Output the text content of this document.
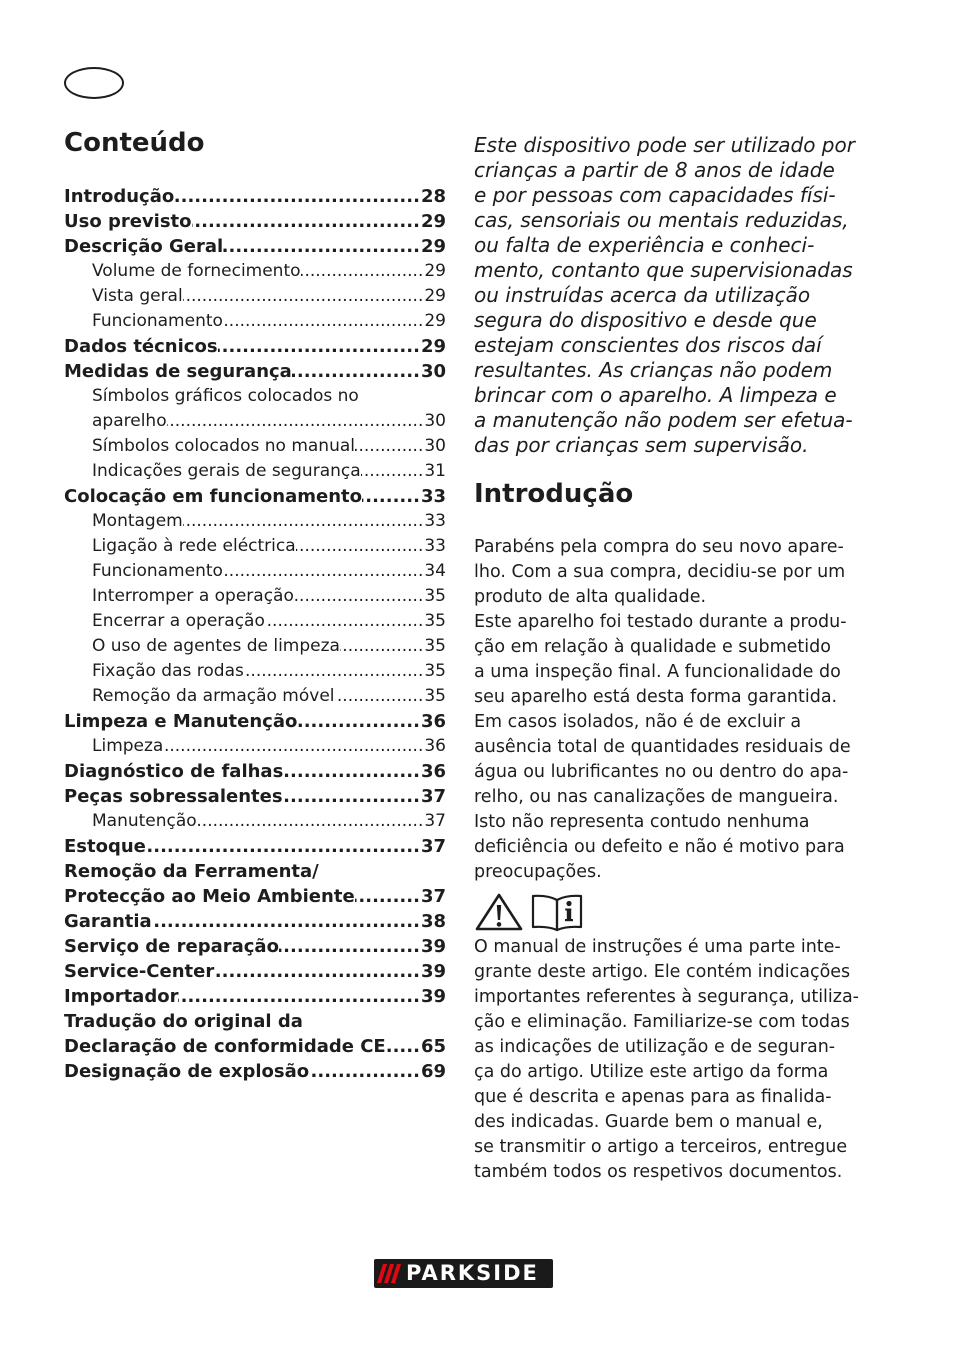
Conteúdo
Introdução .....	28
Uso previsto .....	29
Descrição Geral .....	29
Volume de fornecimento .....	29
Vista geral .....	29
Funcionamento .....	29
Dados técnicos .....	29
Medidas de segurança .....	30
Símbolos gráficos colocados no
aparelho .....	30
Símbolos colocados no manual .....	30
Indicações gerais de segurança .....	31
Colocação em funcionamento .....	33
Montagem .....	33
Ligação à rede eléctrica .....	33
Funcionamento .....	34
Interromper a operação .....	35
Encerrar a operação .....	35
O uso de agentes de limpeza .....	35
Fixação das rodas .....	35
Remoção da armação móvel .....	35
Limpeza e Manutenção .....	36
Limpeza .....	36
Diagnóstico de falhas .....	36
Peças sobressalentes .....	37
Manutenção .....	37
Estoque .....	37
Remoção da Ferramenta/
Protecção ao Meio Ambiente .....	37
Garantia .....	38
Serviço de reparação .....	39
Service-Center .....	39
Importador .....	39
Tradução do original da
Declaração de conformidade CE ..... 65
Designação de explosão .....	69
Este dispositivo pode ser utilizado por
crianças a partir de 8 anos de idade
e por pessoas com capacidades físi-
cas, sensoriais ou mentais reduzidas,
ou falta de experiência e conheci-
mento, contanto que supervisionadas
ou instruídas acerca da utilização
segura do dispositivo e desde que
estejam conscientes dos riscos daí
resultantes. As crianças não podem
brincar com o aparelho. A limpeza e
a manutenção não podem ser efetua-
das por crianças sem supervisão.
Introdução
Parabéns pela compra do seu novo apare-
lho. Com a sua compra, decidiu-se por um
produto de alta qualidade.
Este aparelho foi testado durante a produ-
ção em relação à qualidade e submetido
a uma inspeção final. A funcionalidade do
seu aparelho está desta forma garantida.
Em casos isolados, não é de excluir a
ausência total de quantidades residuais de
água ou lubrificantes no ou dentro do apa-
relho, ou nas canalizações de mangueira.
Isto não representa contudo nenhuma
deficiência ou defeito e não é motivo para
preocupações.
O manual de instruções é uma parte inte-
grante deste artigo. Ele contém indicações
importantes referentes à segurança, utiliza-
ção e eliminação. Familiarize-se com todas
as indicações de utilização e de seguran-
ça do artigo. Utilize este artigo da forma
que é descrita e apenas para as finalida-
des indicadas. Guarde bem o manual e,
se transmitir o artigo a terceiros, entregue
também todos os respetivos documentos.
PARKSIDE
